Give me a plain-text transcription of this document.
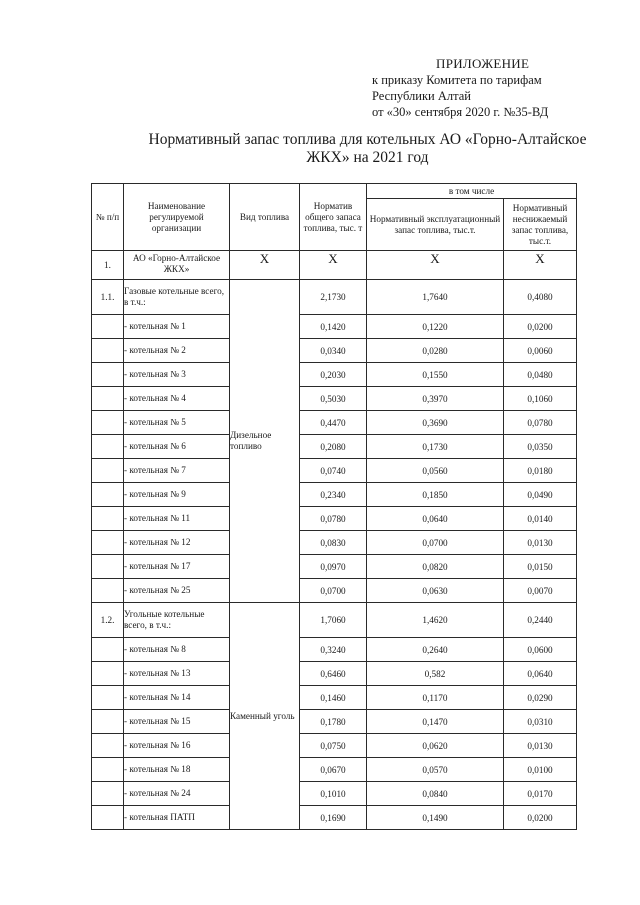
ПРИЛОЖЕНИЕ
к приказу Комитета по тарифам
Республики Алтай
от «30» сентября 2020 г. №35-ВД
Нормативный запас топлива для котельных АО «Горно-Алтайское
ЖКХ» на 2021 год
№ п/п	Наименование регулируемой организации	Вид топлива	Норматив общего запаса топлива, тыс. т	в том числе	
				Нормативный эксплуатационный запас топлива, тыс.т.	Нормативный неснижаемый запас топлива, тыс.т.
1.	АО «Горно-Алтайское ЖКХ»	Х	Х	Х	Х
1.1.	Газовые котельные всего, в т.ч.:	Дизельное топливо	2,1730	1,7640	0,4080
	- котельная № 1		0,1420	0,1220	0,0200
	- котельная № 2		0,0340	0,0280	0,0060
	- котельная № 3		0,2030	0,1550	0,0480
	- котельная № 4		0,5030	0,3970	0,1060
	- котельная № 5		0,4470	0,3690	0,0780
	- котельная № 6		0,2080	0,1730	0,0350
	- котельная № 7		0,0740	0,0560	0,0180
	- котельная № 9		0,2340	0,1850	0,0490
	- котельная № 11		0,0780	0,0640	0,0140
	- котельная № 12		0,0830	0,0700	0,0130
	- котельная № 17		0,0970	0,0820	0,0150
	- котельная № 25		0,0700	0,0630	0,0070
1.2.	Угольные котельные всего, в т.ч.:	Каменный уголь	1,7060	1,4620	0,2440
	- котельная № 8		0,3240	0,2640	0,0600
	- котельная № 13		0,6460	0,582	0,0640
	- котельная № 14		0,1460	0,1170	0,0290
	- котельная № 15		0,1780	0,1470	0,0310
	- котельная № 16		0,0750	0,0620	0,0130
	- котельная № 18		0,0670	0,0570	0,0100
	- котельная № 24		0,1010	0,0840	0,0170
	- котельная ПАТП		0,1690	0,1490	0,0200
